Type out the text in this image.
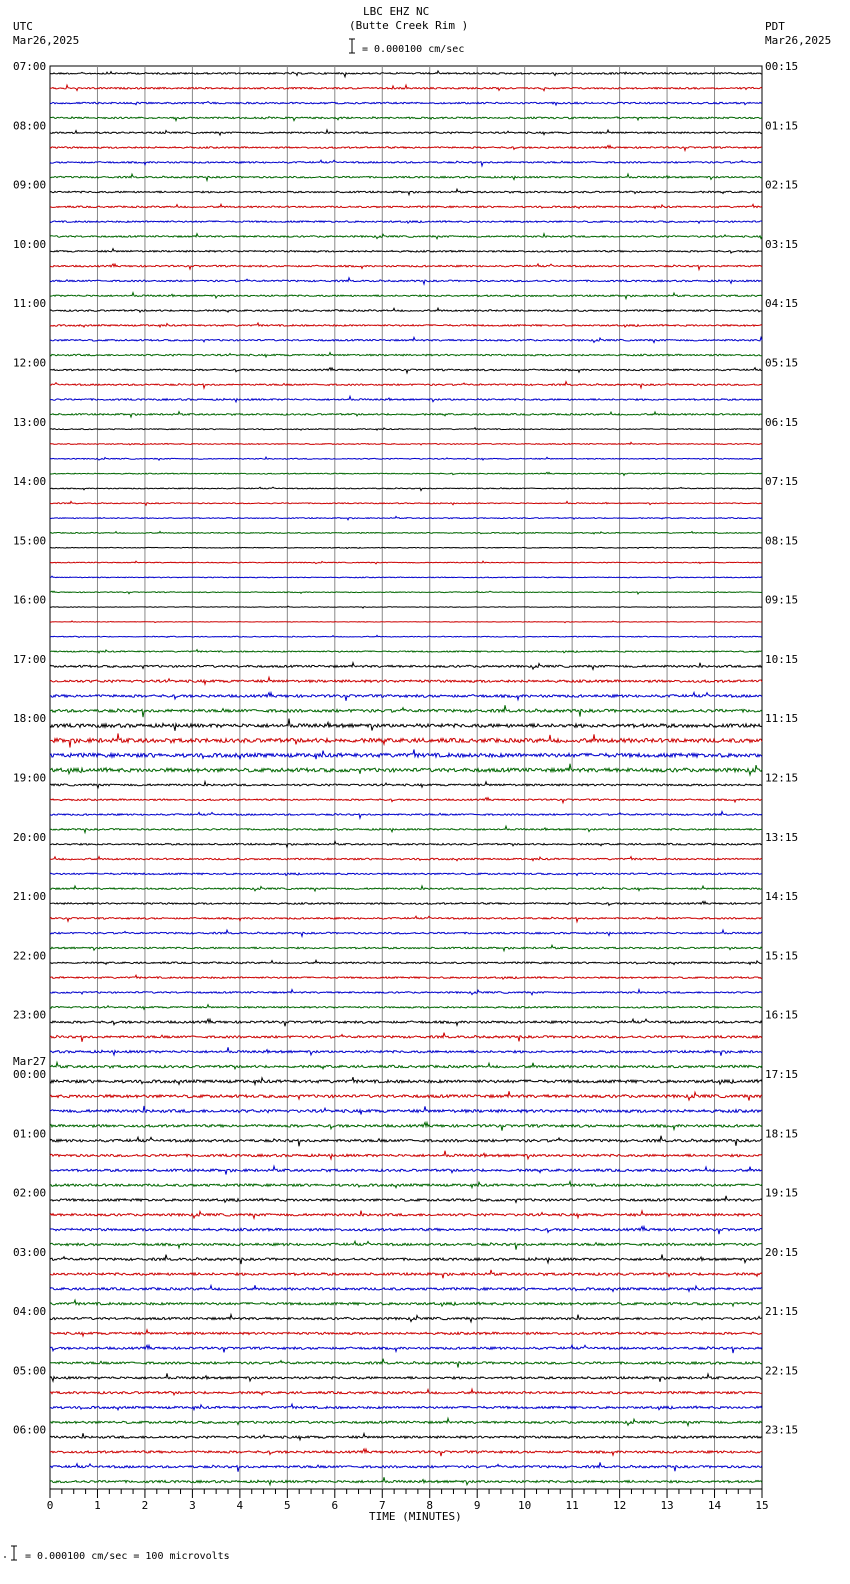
LBC EHZ NC
(Butte Creek Rim )
= 0.000100 cm/sec
UTC
Mar26,2025
PDT
Mar26,2025
TIME (MINUTES)
= 0.000100 cm/sec = 100 microvolts
07:00	00:15
08:00	01:15
09:00	02:15
10:00	03:15
11:00	04:15
12:00	05:15
13:00	06:15
14:00	07:15
15:00	08:15
16:00	09:15
17:00	10:15
18:00	11:15
19:00	12:15
20:00	13:15
21:00	14:15
22:00	15:15
23:00	16:15
00:00	17:15
Mar27
01:00	18:15
02:00	19:15
03:00	20:15
04:00	21:15
05:00	22:15
06:00	23:15
0	1	2	3	4	5	6	7	8	9	10	11	12	13	14	15
